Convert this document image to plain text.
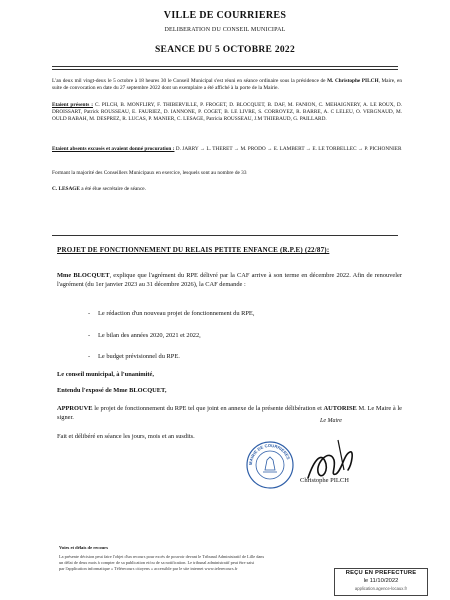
VILLE DE COURRIERES
DELIBERATION DU CONSEIL MUNICIPAL
SEANCE DU 5 OCTOBRE 2022
L'an deux mil vingt-deux le 5 octobre à 18 heures 30 le Conseil Municipal s'est réuni en séance ordinaire sous la présidence de M. Christophe PILCH, Maire, en suite de convocation en date du 27 septembre 2022 dont un exemplaire a été affiché à la porte de la Mairie.
Etaient présents : C. PILCH, B. MONFLIRY, F. THIBERVILLE, P. FROGET, D. BLOCQUET, B. DAF, M. FANION, C. MEHAIGNERY, A. LE ROUX, D. DROISSART, Patrick ROUSSEAU, E. FAURIEZ, D. IANNONE, P. COGET, B. LE LIVRE, S. CORROYEZ, R. BARRE, A. C LELEU, O. VERGNAUD, M. OULD RABAH, M. DESPREZ, R. LUCAS, P. MANIER, C. LESAGE, Patricia ROUSSEAU, J.M THIEBAUD, G. PAILLARD.
Etaient absents excusés et avaient donné procuration : D. JARRY → L. THERET → M. PRODO → E. LAMBERT → E. LE TORBELLEC → P. PICHONNIER
Formant la majorité des Conseillers Municipaux en exercice, lesquels sont au nombre de 33
C. LESAGE a été élue secrétaire de séance.
PROJET DE FONCTIONNEMENT DU RELAIS PETITE ENFANCE (R.P.E) (22/87):
Mme BLOCQUET, explique que l'agrément du RPE délivré par la CAF arrive à son terme en décembre 2022. Afin de renouveler l'agrément (du 1er janvier 2023 au 31 décembre 2026), la CAF demande :
- Le rédaction d'un nouveau projet de fonctionnement du RPE,
- Le bilan des années 2020, 2021 et 2022,
- Le budget prévisionnel du RPE.
Le conseil municipal, à l'unanimité,
Entendu l'exposé de Mme BLOCQUET,
APPROUVE le projet de fonctionnement du RPE tel que joint en annexe de la présente délibération et AUTORISE M. Le Maire à le signer.
Fait et délibéré en séance les jours, mois et an susdits.
MAIRIE DE COURRIERES
Le Maire
Christophe PILCH
Voies et délais de recours
La présente décision peut faire l'objet d'un recours pour excès de pouvoir devant le Tribunal Administratif de Lille dans
un délai de deux mois à compter de sa publication et/ou de sa notification. Le tribunal administratif peut être saisi
par l'application informatique « Télérecours citoyens » accessible par le site internet www.telerecours.fr
REÇU EN PREFECTURE
le 11/10/2022
application.agence-locaux.fr
